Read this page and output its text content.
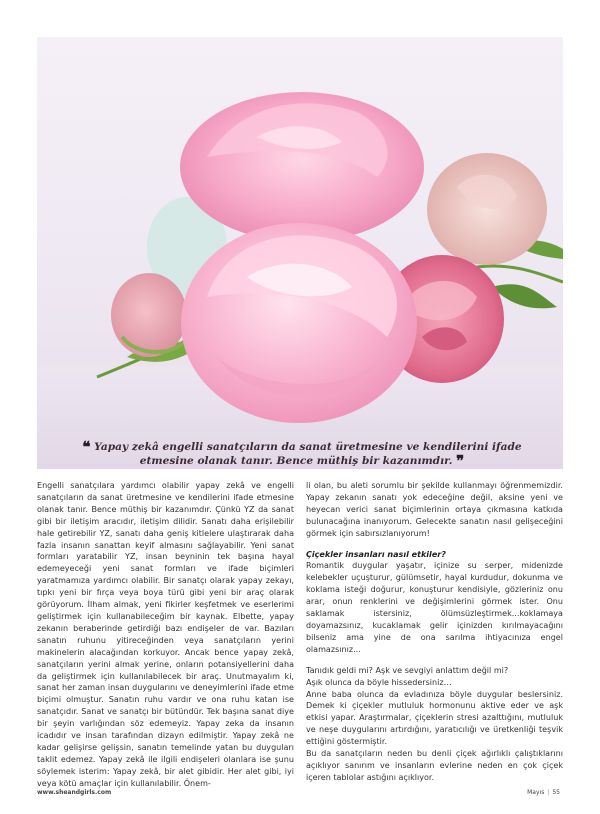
❝ Yapay zekâ engelli sanatçıların da sanat üretmesine ve kendilerini ifade etmesine olanak tanır. Bence müthiş bir kazanımdır. ❞

Engelli sanatçılara yardımcı olabilir yapay zekâ ve engelli sanatçıların da sanat üretmesine ve kendilerini ifade etmesine olanak tanır. Bence müthiş bir kazanımdır. Çünkü YZ da sanat gibi bir iletişim aracıdır, iletişim dilidir. Sanatı daha erişilebilir hale getirebilir YZ, sanatı daha geniş kitlelere ulaştırarak daha fazla insanın sanattan keyif almasını sağlayabilir. Yeni sanat formları yaratabilir YZ, insan beyninin tek başına hayal edemeyeceği yeni sanat formları ve ifade biçimleri yaratmamıza yardımcı olabilir. Bir sanatçı olarak yapay zekayı, tıpkı yeni bir fırça veya boya türü gibi yeni bir araç olarak görüyorum. İlham almak, yeni fikirler keşfetmek ve eserlerimi geliştirmek için kullanabileceğim bir kaynak. Elbette, yapay zekanın beraberinde getirdiği bazı endişeler de var. Bazıları sanatın ruhunu yitireceğinden veya sanatçıların yerini makinelerin alacağından korkuyor. Ancak bence yapay zekâ, sanatçıların yerini almak yerine, onların potansiyellerini daha da geliştirmek için kullanılabilecek bir araç. Unutmayalım ki, sanat her zaman insan duygularını ve deneyimlerini ifade etme biçimi olmuştur. Sanatın ruhu vardır ve ona ruhu katan ise sanatçıdır. Sanat ve sanatçı bir bütündür. Tek başına sanat diye bir şeyin varlığından söz edemeyiz. Yapay zeka da insanın icadıdır ve insan tarafından dizayn edilmiştir. Yapay zekâ ne kadar gelişirse gelişsin, sanatın temelinde yatan bu duyguları taklit edemez. Yapay zekâ ile ilgili endişeleri olanlara ise şunu söylemek isterim: Yapay zekâ, bir alet gibidir. Her alet gibi, iyi veya kötü amaçlar için kullanılabilir. Önem-

li olan, bu aleti sorumlu bir şekilde kullanmayı öğrenmemizdir. Yapay zekanın sanatı yok edeceğine değil, aksine yeni ve heyecan verici sanat biçimlerinin ortaya çıkmasına katkıda bulunacağına inanıyorum. Gelecekte sanatın nasıl gelişeceğini görmek için sabırsızlanıyorum!

Çiçekler insanları nasıl etkiler?

Romantik duygular yaşatır, içinize su serper, midenizde kelebekler uçuşturur, gülümsetir, hayal kurdudur, dokunma ve koklama isteği doğurur, konuşturur kendisiyle, gözleriniz onu arar, onun renklerini ve değişimlerini görmek ister. Onu saklamak istersiniz, ölümsüzleştirmek...koklamaya doyamazsınız, kucaklamak gelir içinizden kırılmayacağını bilseniz ama yine de ona sarılma ihtiyacınıza engel olamazsınız...

Tanıdık geldi mi? Aşk ve sevgiyi anlattım değil mi?

Aşık olunca da böyle hissedersiniz…

Anne baba olunca da evladınıza böyle duygular beslersiniz. Demek ki çiçekler mutluluk hormonunu aktive eder ve aşk etkisi yapar. Araştırmalar, çiçeklerin stresi azalttığını, mutluluk ve neşe duygularını artırdığını, yaratıcılığı ve üretkenliği teşvik ettiğini göstermiştir.

Bu da sanatçıların neden bu denli çiçek ağırlıklı çalıştıklarını açıklıyor sanırım ve insanların evlerine neden en çok çiçek içeren tablolar astığını açıklıyor.

www.sheandgirls.com	Mayıs | 55
